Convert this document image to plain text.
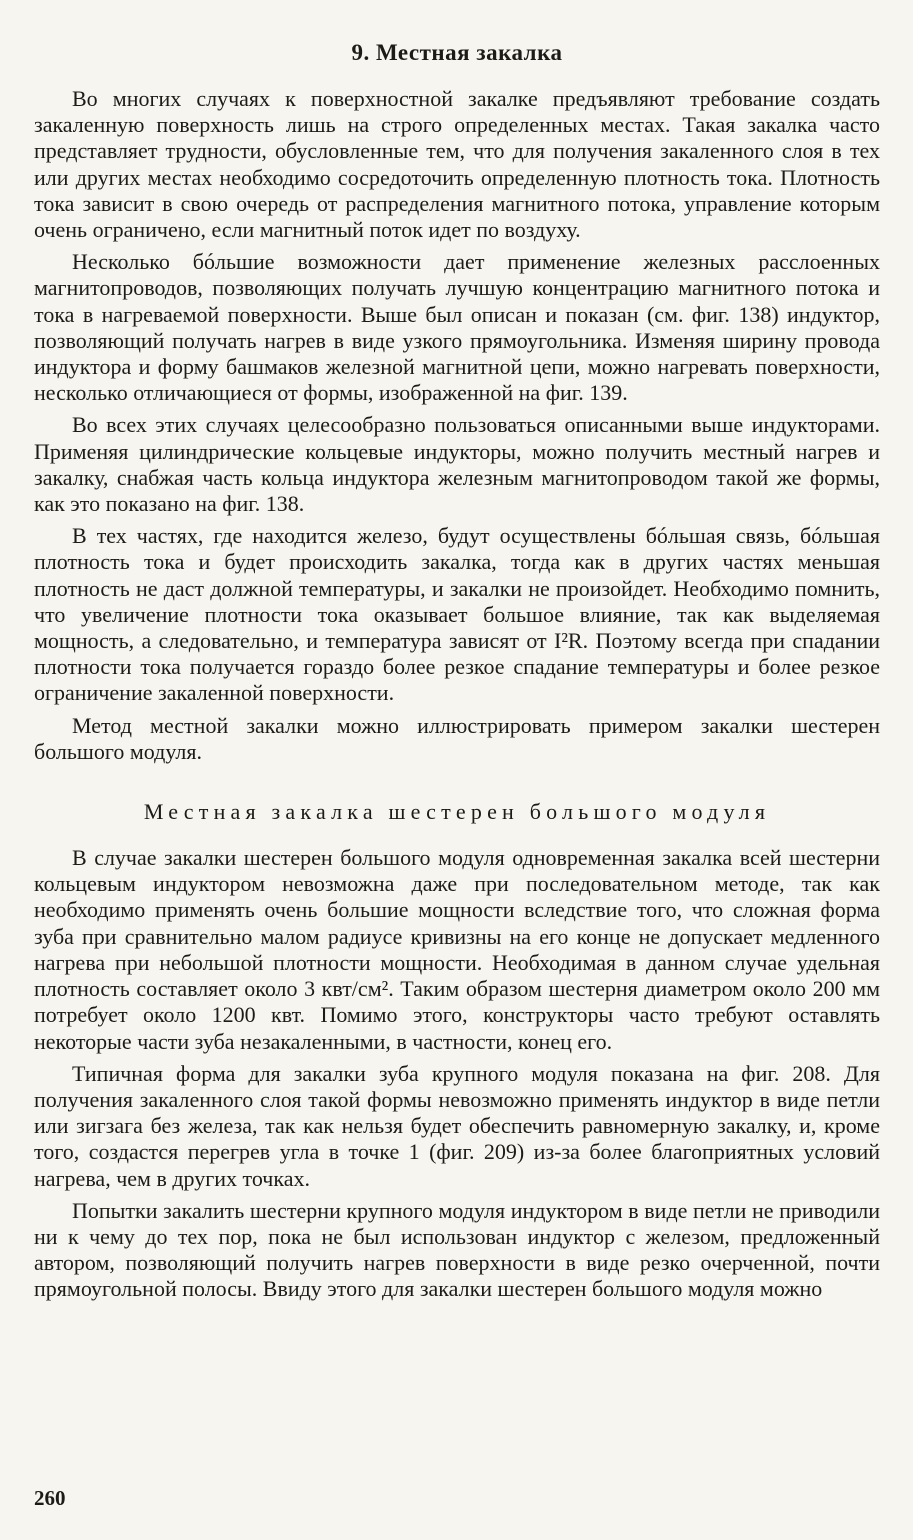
9. Местная закалка

Во многих случаях к поверхностной закалке предъявляют требование создать закаленную поверхность лишь на строго определенных местах. Такая закалка часто представляет трудности, обусловленные тем, что для получения закаленного слоя в тех или других местах необходимо сосредоточить определенную плотность тока. Плотность тока зависит в свою очередь от распределения магнитного потока, управление которым очень ограничено, если магнитный поток идет по воздуху.

Несколько бóльшие возможности дает применение железных расслоенных магнитопроводов, позволяющих получать лучшую концентрацию магнитного потока и тока в нагреваемой поверхности. Выше был описан и показан (см. фиг. 138) индуктор, позволяющий получать нагрев в виде узкого прямоугольника. Изменяя ширину провода индуктора и форму башмаков железной магнитной цепи, можно нагревать поверхности, несколько отличающиеся от формы, изображенной на фиг. 139.

Во всех этих случаях целесообразно пользоваться описанными выше индукторами. Применяя цилиндрические кольцевые индукторы, можно получить местный нагрев и закалку, снабжая часть кольца индуктора железным магнитопроводом такой же формы, как это показано на фиг. 138.

В тех частях, где находится железо, будут осуществлены бóльшая связь, бóльшая плотность тока и будет происходить закалка, тогда как в других частях меньшая плотность не даст должной температуры, и закалки не произойдет. Необходимо помнить, что увеличение плотности тока оказывает большое влияние, так как выделяемая мощность, а следовательно, и температура зависят от I²R. Поэтому всегда при спадании плотности тока получается гораздо более резкое спадание температуры и более резкое ограничение закаленной поверхности.

Метод местной закалки можно иллюстрировать примером закалки шестерен большого модуля.

Местная закалка шестерен большого модуля

В случае закалки шестерен большого модуля одновременная закалка всей шестерни кольцевым индуктором невозможна даже при последовательном методе, так как необходимо применять очень большие мощности вследствие того, что сложная форма зуба при сравнительно малом радиусе кривизны на его конце не допускает медленного нагрева при небольшой плотности мощности. Необходимая в данном случае удельная плотность составляет около 3 квт/см². Таким образом шестерня диаметром около 200 мм потребует около 1200 квт. Помимо этого, конструкторы часто требуют оставлять некоторые части зуба незакаленными, в частности, конец его.

Типичная форма для закалки зуба крупного модуля показана на фиг. 208. Для получения закаленного слоя такой формы невозможно применять индуктор в виде петли или зигзага без железа, так как нельзя будет обеспечить равномерную закалку, и, кроме того, создастся перегрев угла в точке 1 (фиг. 209) из-за более благоприятных условий нагрева, чем в других точках.

Попытки закалить шестерни крупного модуля индуктором в виде петли не приводили ни к чему до тех пор, пока не был использован индуктор с железом, предложенный автором, позволяющий получить нагрев поверхности в виде резко очерченной, почти прямоугольной полосы. Ввиду этого для закалки шестерен большого модуля можно

260
